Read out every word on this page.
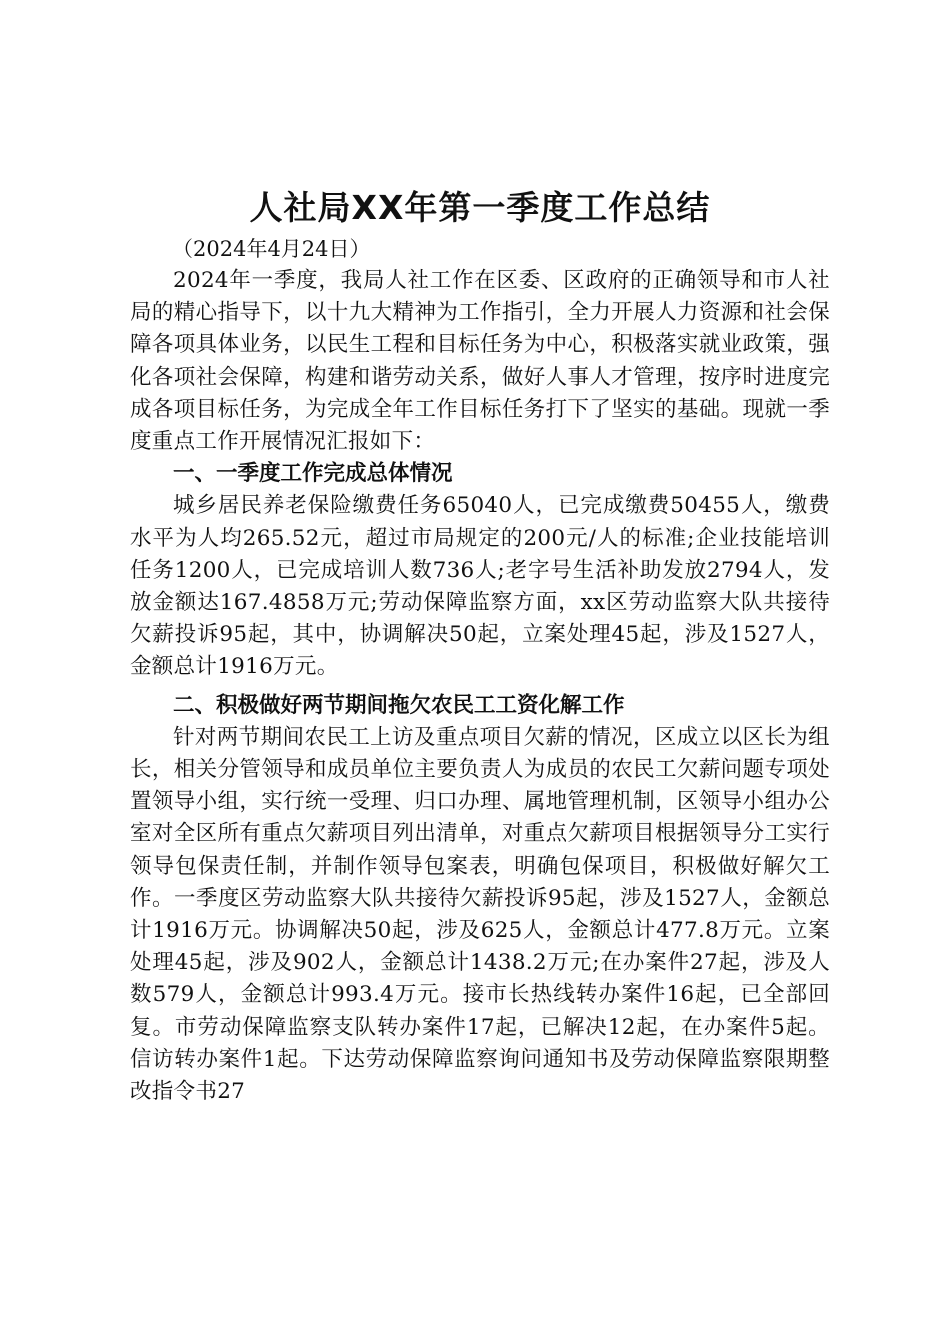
人社局XX年第一季度工作总结

（2024年4月24日）

2024年一季度，我局人社工作在区委、区政府的正确领导和市人社局的精心指导下，以十九大精神为工作指引，全力开展人力资源和社会保障各项具体业务，以民生工程和目标任务为中心，积极落实就业政策，强化各项社会保障，构建和谐劳动关系，做好人事人才管理，按序时进度完成各项目标任务，为完成全年工作目标任务打下了坚实的基础。现就一季度重点工作开展情况汇报如下：

一、一季度工作完成总体情况

城乡居民养老保险缴费任务65040人，已完成缴费50455人，缴费水平为人均265.52元，超过市局规定的200元/人的标准;企业技能培训任务1200人，已完成培训人数736人;老字号生活补助发放2794人，发放金额达167.4858万元;劳动保障监察方面，xx区劳动监察大队共接待欠薪投诉95起，其中，协调解决50起，立案处理45起，涉及1527人，金额总计1916万元。

二、积极做好两节期间拖欠农民工工资化解工作

针对两节期间农民工上访及重点项目欠薪的情况，区成立以区长为组长，相关分管领导和成员单位主要负责人为成员的农民工欠薪问题专项处置领导小组，实行统一受理、归口办理、属地管理机制，区领导小组办公室对全区所有重点欠薪项目列出清单，对重点欠薪项目根据领导分工实行领导包保责任制，并制作领导包案表，明确包保项目，积极做好解欠工作。一季度区劳动监察大队共接待欠薪投诉95起，涉及1527人，金额总计1916万元。协调解决50起，涉及625人，金额总计477.8万元。立案处理45起，涉及902人，金额总计1438.2万元;在办案件27起，涉及人数579人，金额总计993.4万元。接市长热线转办案件16起，已全部回复。市劳动保障监察支队转办案件17起，已解决12起，在办案件5起。信访转办案件1起。下达劳动保障监察询问通知书及劳动保障监察限期整改指令书27
